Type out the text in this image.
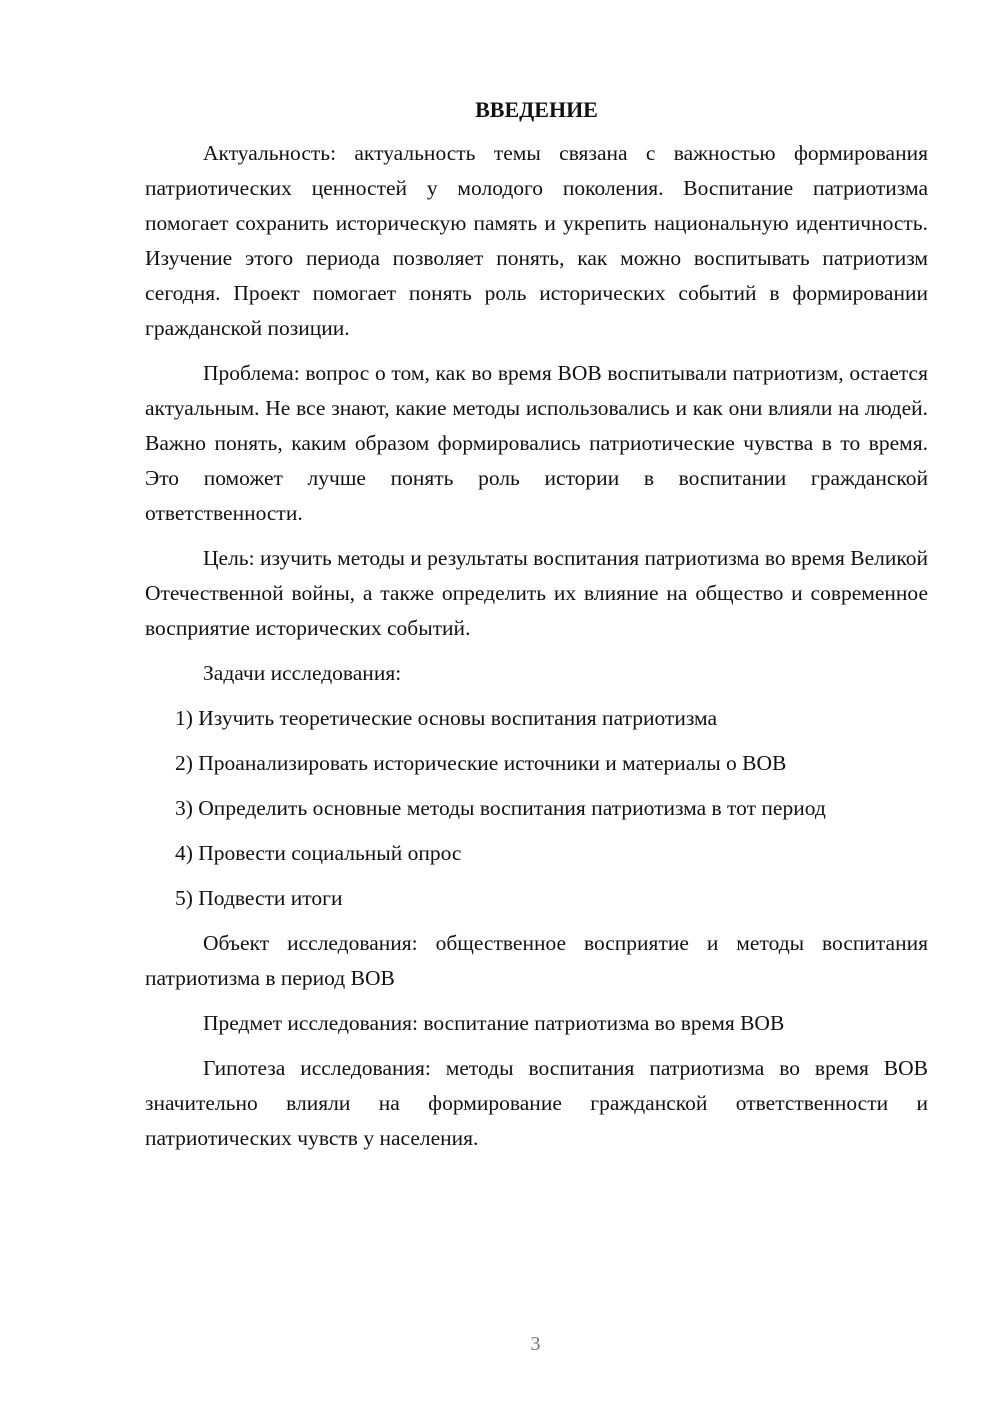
ВВЕДЕНИЕ

Актуальность: актуальность темы связана с важностью формирования патриотических ценностей у молодого поколения. Воспитание патриотизма помогает сохранить историческую память и укрепить национальную идентичность. Изучение этого периода позволяет понять, как можно воспитывать патриотизм сегодня. Проект помогает понять роль исторических событий в формировании гражданской позиции.

Проблема: вопрос о том, как во время ВОВ воспитывали патриотизм, остается актуальным. Не все знают, какие методы использовались и как они влияли на людей. Важно понять, каким образом формировались патриотические чувства в то время. Это поможет лучше понять роль истории в воспитании гражданской ответственности.

Цель: изучить методы и результаты воспитания патриотизма во время Великой Отечественной войны, а также определить их влияние на общество и современное восприятие исторических событий.

Задачи исследования:

1) Изучить теоретические основы воспитания патриотизма

2) Проанализировать исторические источники и материалы о ВОВ

3) Определить основные методы воспитания патриотизма в тот период

4) Провести социальный опрос

5) Подвести итоги

Объект исследования: общественное восприятие и методы воспитания патриотизма в период ВОВ

Предмет исследования: воспитание патриотизма во время ВОВ

Гипотеза исследования: методы воспитания патриотизма во время ВОВ значительно влияли на формирование гражданской ответственности и патриотических чувств у населения.

3
